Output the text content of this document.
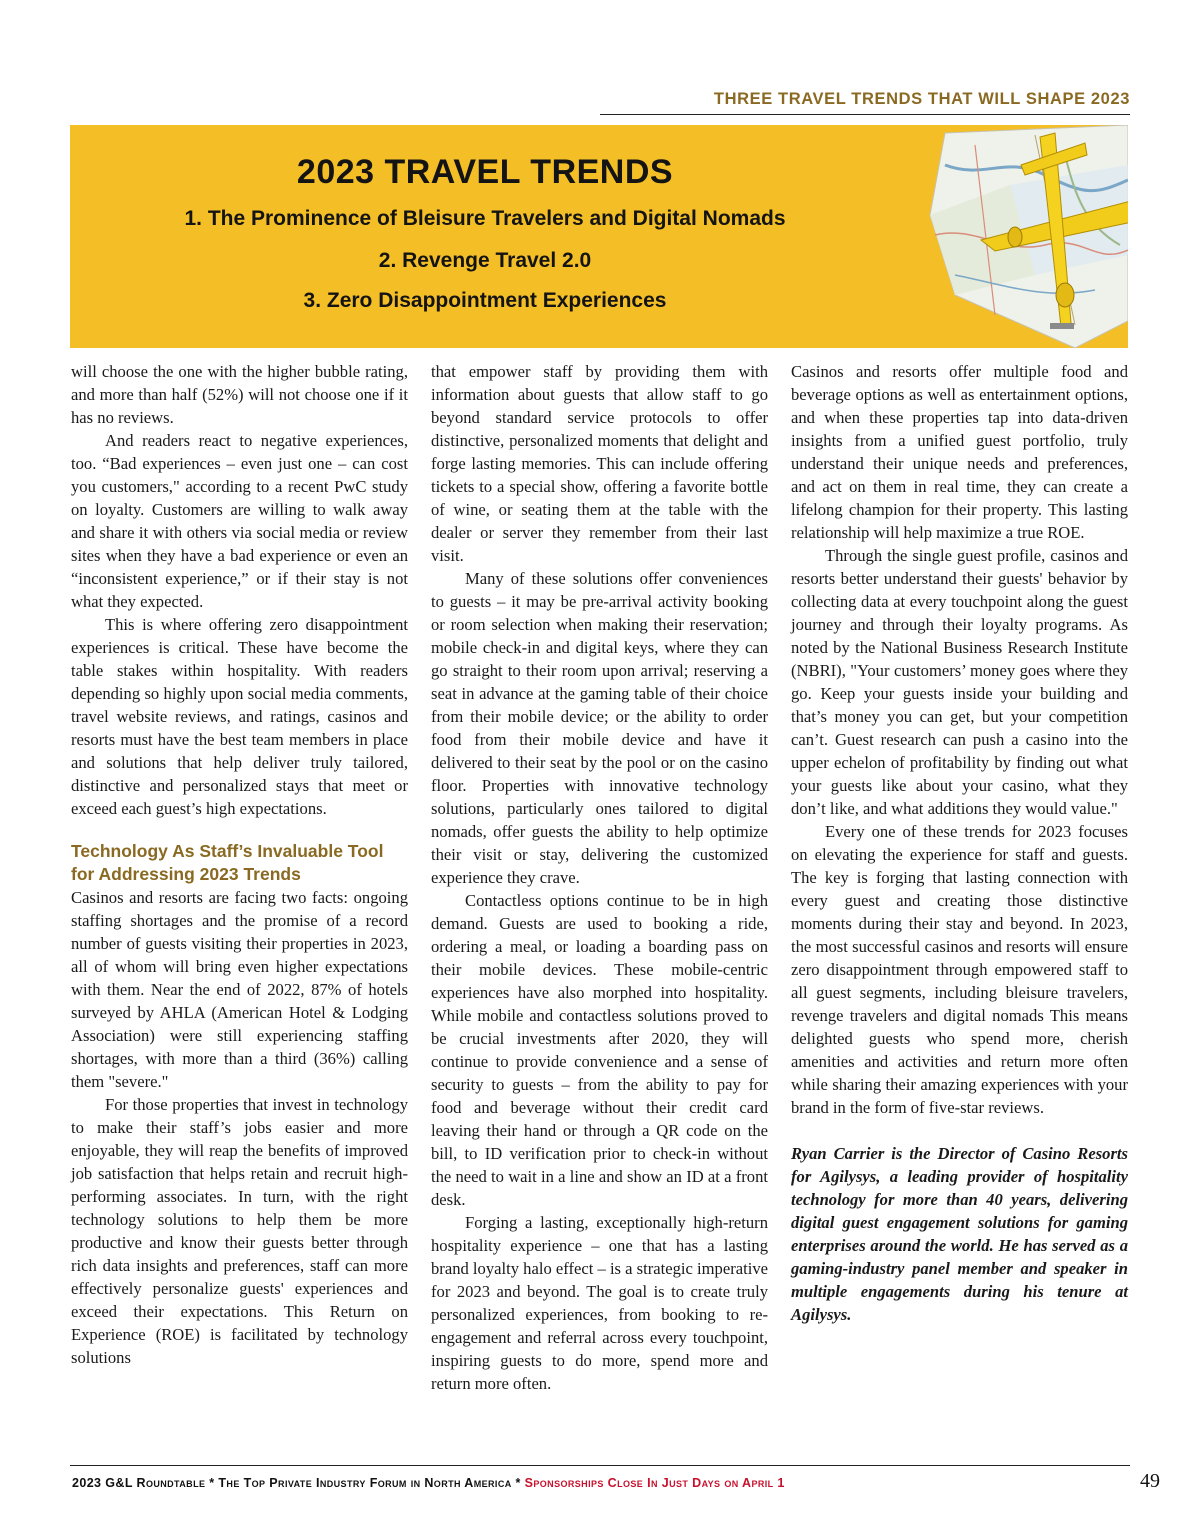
THREE TRAVEL TRENDS THAT WILL SHAPE 2023
2023 TRAVEL TRENDS
1. The Prominence of Bleisure Travelers and Digital Nomads
2. Revenge Travel 2.0
3. Zero Disappointment Experiences

will choose the one with the higher bubble rating, and more than half (52%) will not choose one if it has no reviews.

And readers react to negative experiences, too. “Bad experiences – even just one – can cost you customers," according to a recent PwC study on loyalty. Customers are willing to walk away and share it with others via social media or review sites when they have a bad experience or even an “inconsistent experience,” or if their stay is not what they expected.

This is where offering zero disappointment experiences is critical. These have become the table stakes within hospitality. With readers depending so highly upon social media comments, travel website reviews, and ratings, casinos and resorts must have the best team members in place and solutions that help deliver truly tailored, distinctive and personalized stays that meet or exceed each guest’s high expectations.

Technology As Staff’s Invaluable Tool for Addressing 2023 Trends

Casinos and resorts are facing two facts: ongoing staffing shortages and the promise of a record number of guests visiting their properties in 2023, all of whom will bring even higher expectations with them. Near the end of 2022, 87% of hotels surveyed by AHLA (American Hotel & Lodging Association) were still experiencing staffing shortages, with more than a third (36%) calling them "severe."

For those properties that invest in technology to make their staff’s jobs easier and more enjoyable, they will reap the benefits of improved job satisfaction that helps retain and recruit high-performing associates. In turn, with the right technology solutions to help them be more productive and know their guests better through rich data insights and preferences, staff can more effectively personalize guests' experiences and exceed their expectations. This Return on Experience (ROE) is facilitated by technology solutions

that empower staff by providing them with information about guests that allow staff to go beyond standard service protocols to offer distinctive, personalized moments that delight and forge lasting memories. This can include offering tickets to a special show, offering a favorite bottle of wine, or seating them at the table with the dealer or server they remember from their last visit.

Many of these solutions offer conveniences to guests – it may be pre-arrival activity booking or room selection when making their reservation; mobile check-in and digital keys, where they can go straight to their room upon arrival; reserving a seat in advance at the gaming table of their choice from their mobile device; or the ability to order food from their mobile device and have it delivered to their seat by the pool or on the casino floor. Properties with innovative technology solutions, particularly ones tailored to digital nomads, offer guests the ability to help optimize their visit or stay, delivering the customized experience they crave.

Contactless options continue to be in high demand. Guests are used to booking a ride, ordering a meal, or loading a boarding pass on their mobile devices. These mobile-centric experiences have also morphed into hospitality. While mobile and contactless solutions proved to be crucial investments after 2020, they will continue to provide convenience and a sense of security to guests – from the ability to pay for food and beverage without their credit card leaving their hand or through a QR code on the bill, to ID verification prior to check-in without the need to wait in a line and show an ID at a front desk.

Forging a lasting, exceptionally high-return hospitality experience – one that has a lasting brand loyalty halo effect – is a strategic imperative for 2023 and beyond. The goal is to create truly personalized experiences, from booking to re-engagement and referral across every touchpoint, inspiring guests to do more, spend more and return more often.

Casinos and resorts offer multiple food and beverage options as well as entertainment options, and when these properties tap into data-driven insights from a unified guest portfolio, truly understand their unique needs and preferences, and act on them in real time, they can create a lifelong champion for their property. This lasting relationship will help maximize a true ROE.

Through the single guest profile, casinos and resorts better understand their guests' behavior by collecting data at every touchpoint along the guest journey and through their loyalty programs. As noted by the National Business Research Institute (NBRI), "Your customers’ money goes where they go. Keep your guests inside your building and that’s money you can get, but your competition can’t. Guest research can push a casino into the upper echelon of profitability by finding out what your guests like about your casino, what they don’t like, and what additions they would value."

Every one of these trends for 2023 focuses on elevating the experience for staff and guests. The key is forging that lasting connection with every guest and creating those distinctive moments during their stay and beyond. In 2023, the most successful casinos and resorts will ensure zero disappointment through empowered staff to all guest segments, including bleisure travelers, revenge travelers and digital nomads This means delighted guests who spend more, cherish amenities and activities and return more often while sharing their amazing experiences with your brand in the form of five-star reviews.

Ryan Carrier is the Director of Casino Resorts for Agilysys, a leading provider of hospitality technology for more than 40 years, delivering digital guest engagement solutions for gaming enterprises around the world. He has served as a gaming-industry panel member and speaker in multiple engagements during his tenure at Agilysys.

2023 G&L Roundtable * The Top Private Industry Forum in North America * Sponsorships Close In Just Days on April 1	49
